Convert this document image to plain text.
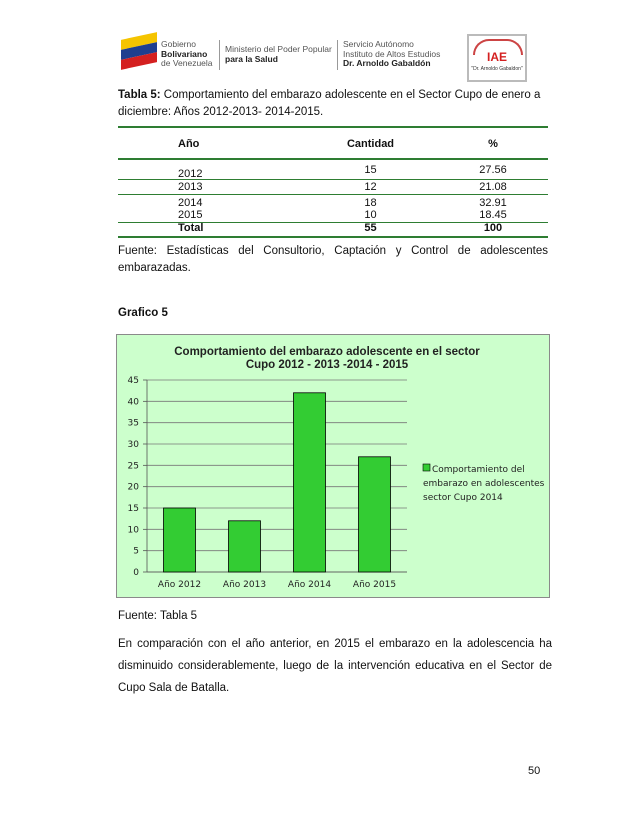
Gobierno
Bolivariano
de Venezuela
Ministerio del Poder Popular
para la Salud
Servicio Autónomo
Instituto de Altos Estudios
Dr. Arnoldo Gabaldón	IAE
"Dr. Arnoldo Gabaldon"
Tabla 5: Comportamiento del embarazo adolescente en el Sector Cupo de enero a diciembre: Años 2012-2013- 2014-2015.
Año	Cantidad	%
2012	15	27.56
2013	12	21.08
2014	18	32.91
2015	10	18.45
Total	55	100
Fuente: Estadísticas del Consultorio, Captación y Control de adolescentes embarazadas.
Grafico 5
Comportamiento del embarazo adolescente en el sector
Cupo 2012 - 2013 -2014 - 2015
0
5
10
15
20
25
30
35
40
45
Año 2012 Año 2013 Año 2014 Año 2015
Comportamiento del
embarazo en adolescentes
sector Cupo 2014
Fuente: Tabla 5
En comparación con el año anterior, en 2015 el embarazo en la adolescencia ha disminuido considerablemente, luego de la intervención educativa en el Sector de Cupo Sala de Batalla.
50
